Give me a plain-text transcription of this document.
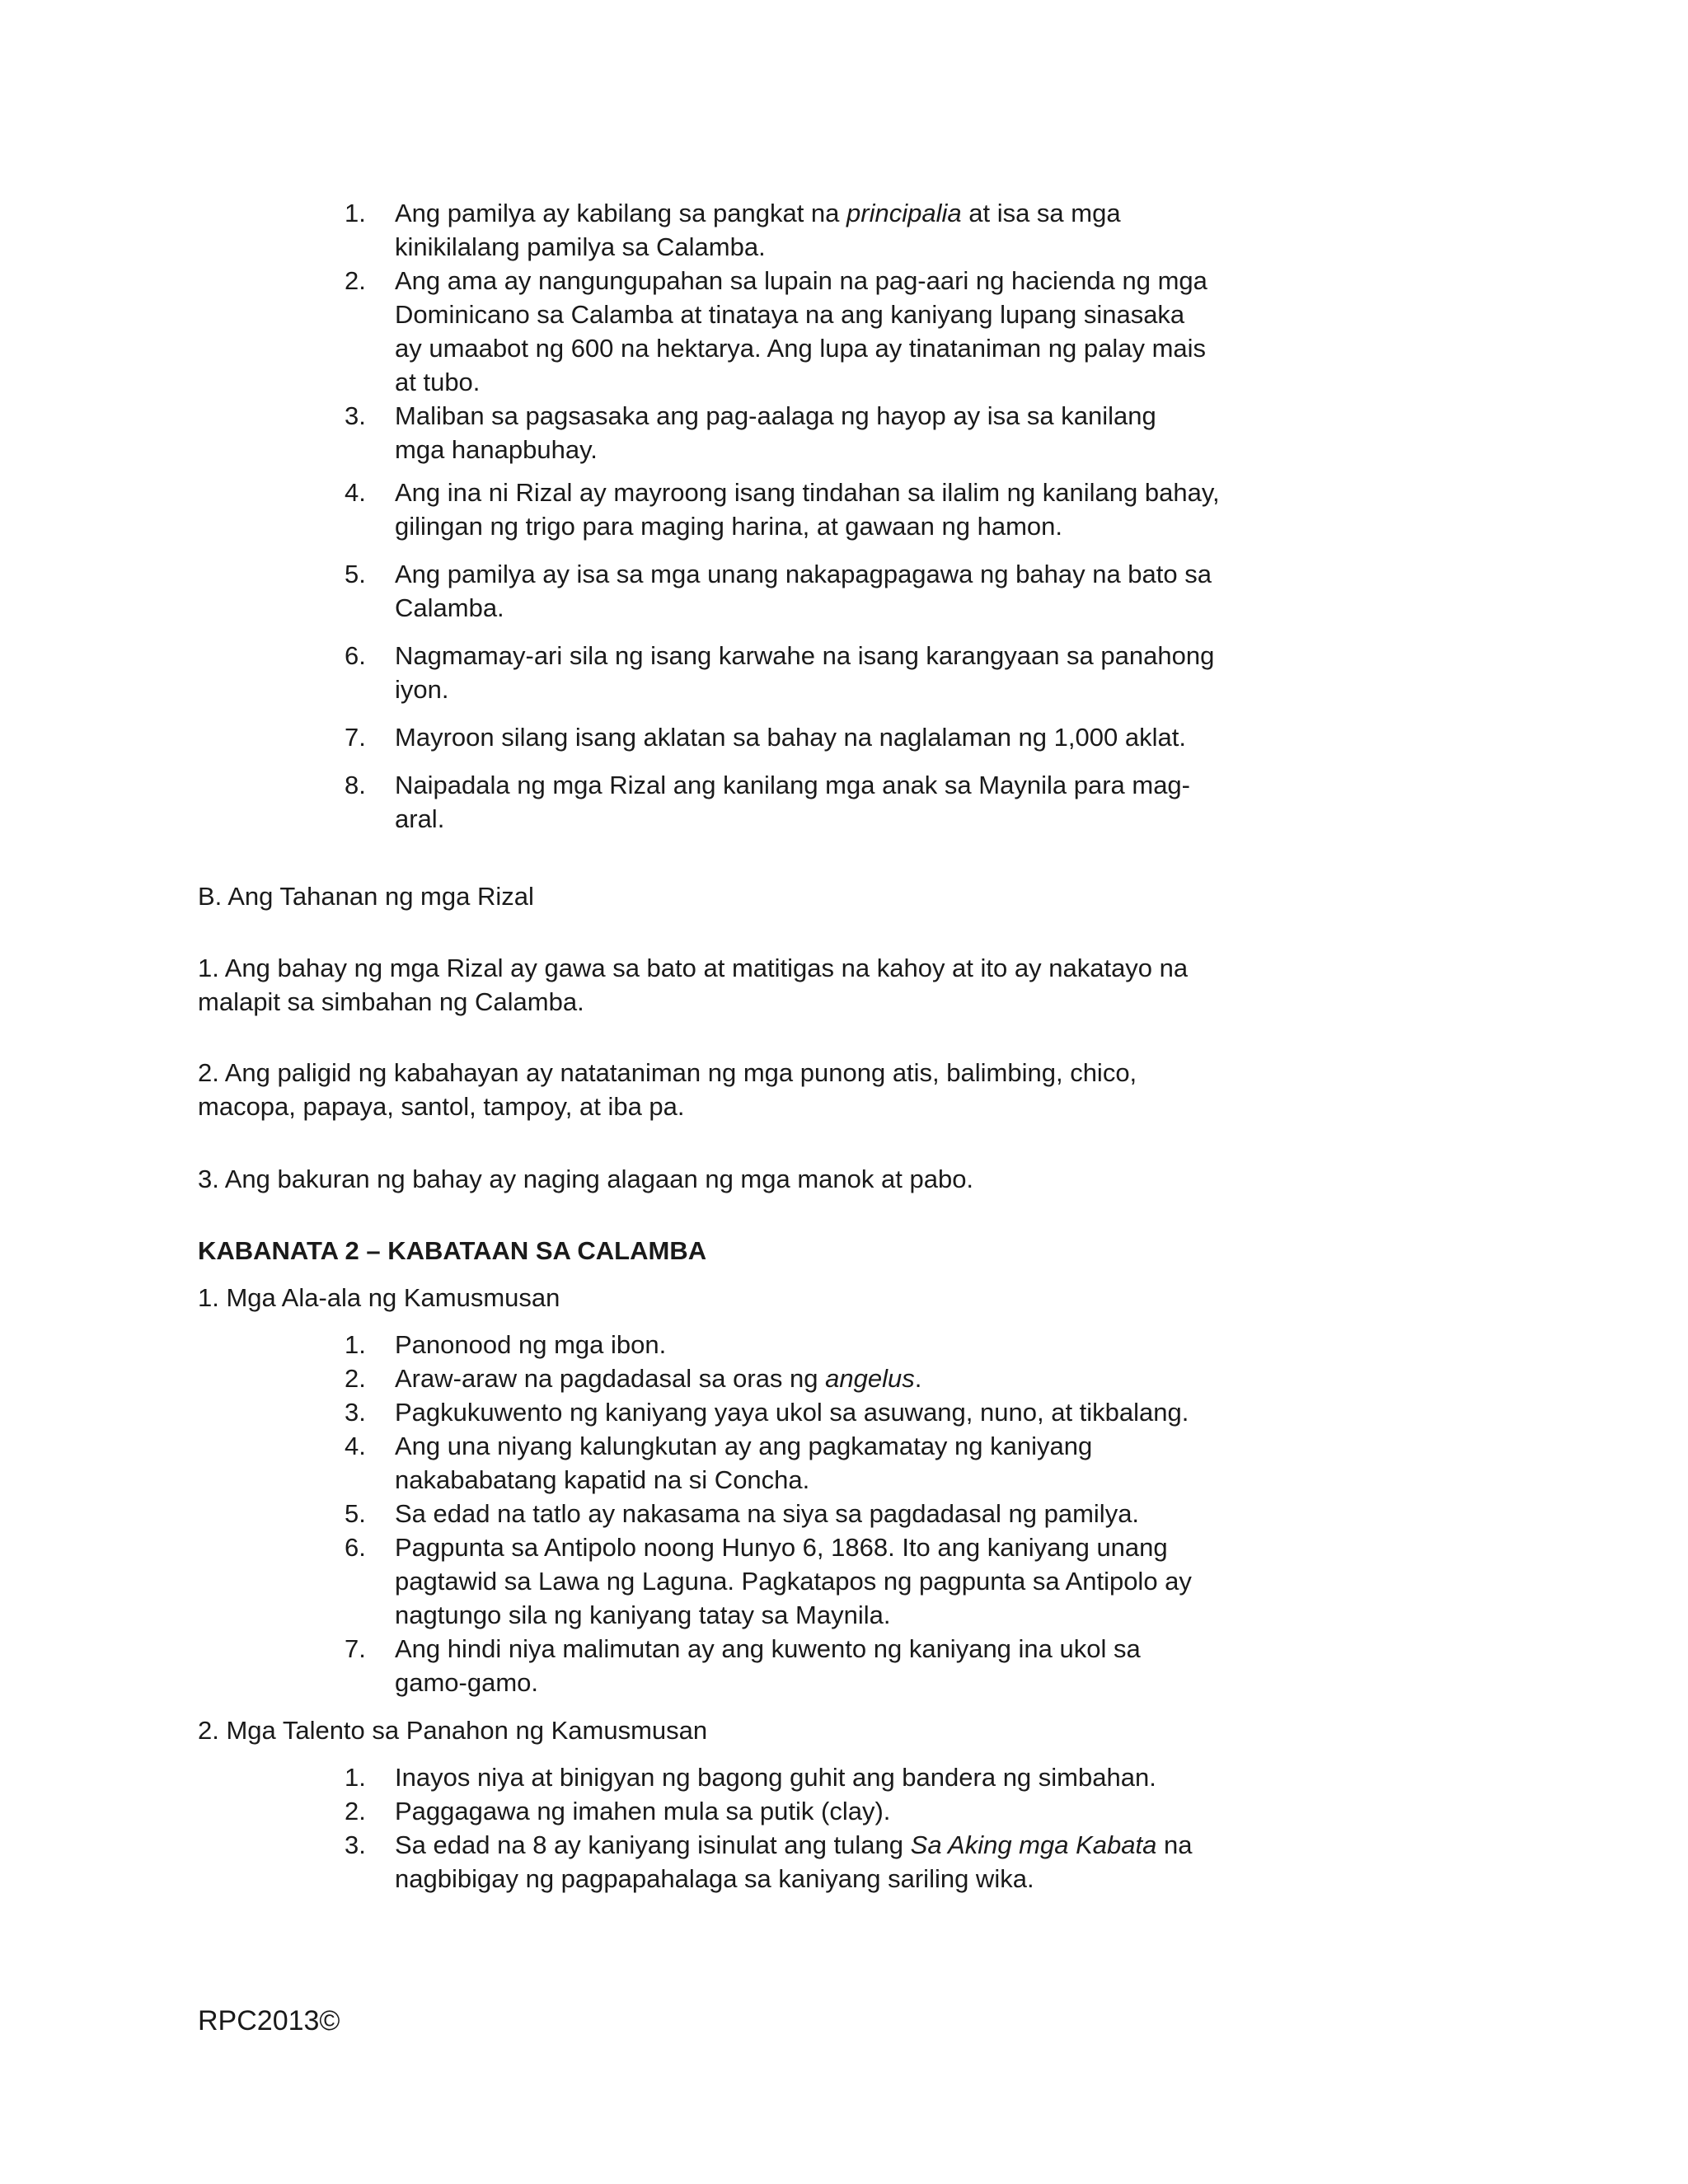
1. Ang pamilya ay kabilang sa pangkat na principalia at isa sa mga kinikilalang pamilya sa Calamba.
2. Ang ama ay nangungupahan sa lupain na pag-aari ng hacienda ng mga Dominicano sa Calamba at tinataya na ang kaniyang lupang sinasaka ay umaabot ng 600 na hektarya. Ang lupa ay tinataniman ng palay mais at tubo.
3. Maliban sa pagsasaka ang pag-aalaga ng hayop ay isa sa kanilang mga hanapbuhay.
4. Ang ina ni Rizal ay mayroong isang tindahan sa ilalim ng kanilang bahay, gilingan ng trigo para maging harina, at gawaan ng hamon.
5. Ang pamilya ay isa sa mga unang nakapagpagawa ng bahay na bato sa Calamba.
6. Nagmamay-ari sila ng isang karwahe na isang karangyaan sa panahong iyon.
7. Mayroon silang isang aklatan sa bahay na naglalaman ng 1,000 aklat.
8. Naipadala ng mga Rizal ang kanilang mga anak sa Maynila para mag-aral.

B. Ang Tahanan ng mga Rizal

1. Ang bahay ng mga Rizal ay gawa sa bato at matitigas na kahoy at ito ay nakatayo na malapit sa simbahan ng Calamba.

2. Ang paligid ng kabahayan ay natataniman ng mga punong atis, balimbing, chico, macopa, papaya, santol, tampoy, at iba pa.

3. Ang bakuran ng bahay ay naging alagaan ng mga manok at pabo.

KABANATA 2 – KABATAAN SA CALAMBA

1. Mga Ala-ala ng Kamusmusan

1. Panonood ng mga ibon.
2. Araw-araw na pagdadasal sa oras ng angelus.
3. Pagkukuwento ng kaniyang yaya ukol sa asuwang, nuno, at tikbalang.
4. Ang una niyang kalungkutan ay ang pagkamatay ng kaniyang nakababatang kapatid na si Concha.
5. Sa edad na tatlo ay nakasama na siya sa pagdadasal ng pamilya.
6. Pagpunta sa Antipolo noong Hunyo 6, 1868. Ito ang kaniyang unang pagtawid sa Lawa ng Laguna. Pagkatapos ng pagpunta sa Antipolo ay nagtungo sila ng kaniyang tatay sa Maynila.
7. Ang hindi niya malimutan ay ang kuwento ng kaniyang ina ukol sa gamo-gamo.

2. Mga Talento sa Panahon ng Kamusmusan

1. Inayos niya at binigyan ng bagong guhit ang bandera ng simbahan.
2. Paggagawa ng imahen mula sa putik (clay).
3. Sa edad na 8 ay kaniyang isinulat ang tulang Sa Aking mga Kabata na nagbibigay ng pagpapahalaga sa kaniyang sariling wika.
RPC2013©
